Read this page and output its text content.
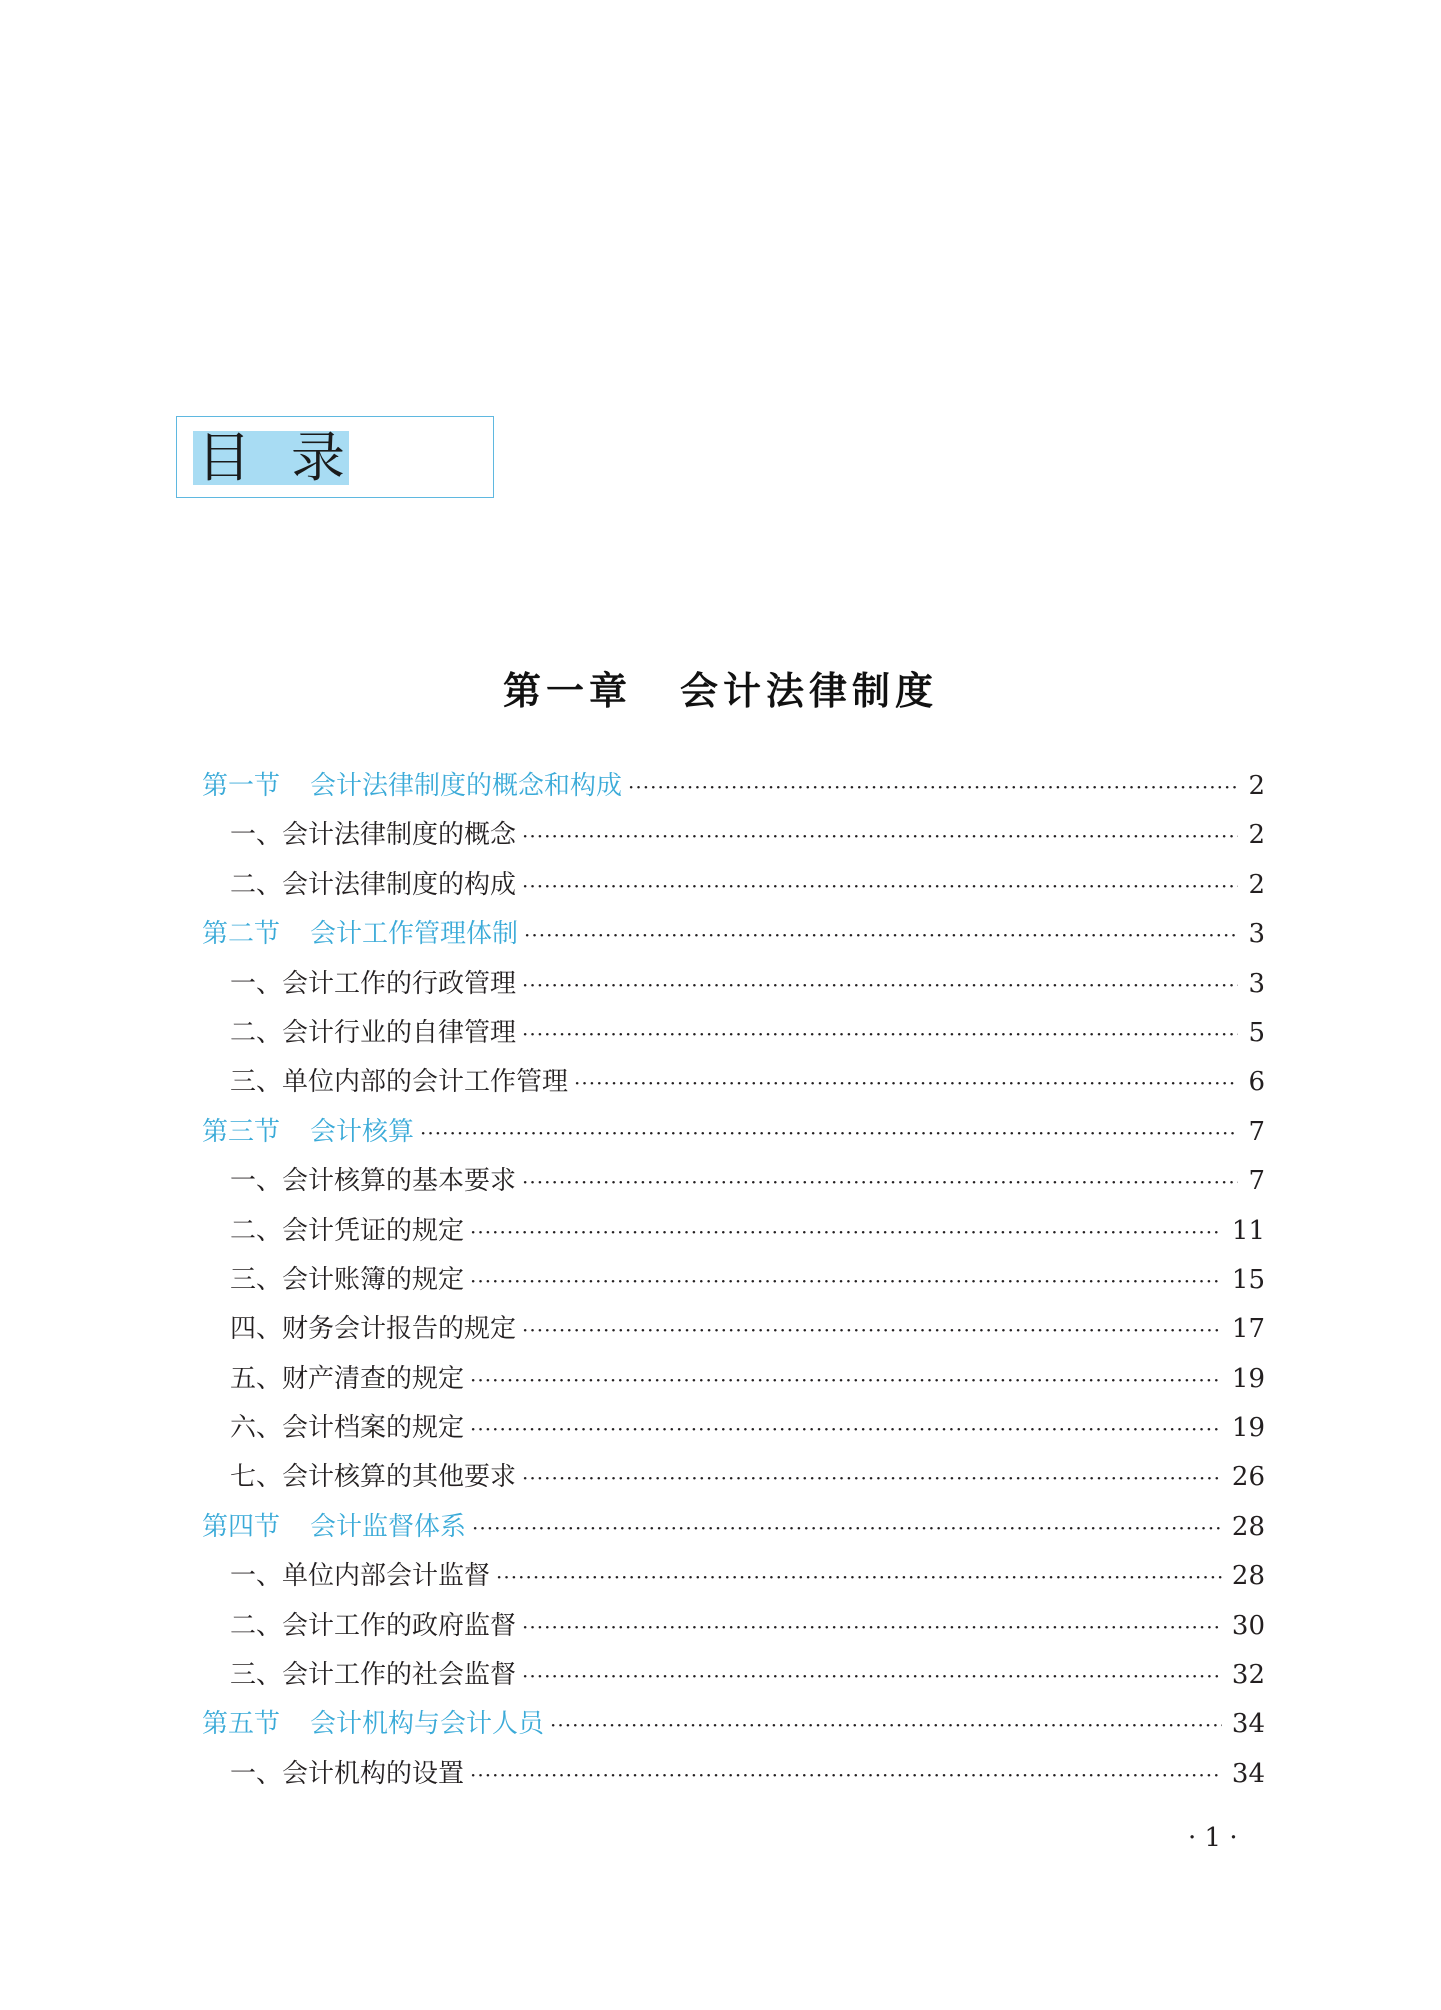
目录
第一章 会计法律制度
第一节 会计法律制度的概念和构成 ·····	2
一、会计法律制度的概念 ·····	2
二、会计法律制度的构成 ·····	2
第二节 会计工作管理体制 ·····	3
一、会计工作的行政管理 ·····	3
二、会计行业的自律管理 ·····	5
三、单位内部的会计工作管理 ·····	6
第三节 会计核算 ·····	7
一、会计核算的基本要求 ·····	7
二、会计凭证的规定 ·····	11
三、会计账簿的规定 ·····	15
四、财务会计报告的规定 ·····	17
五、财产清查的规定 ·····	19
六、会计档案的规定 ·····	19
七、会计核算的其他要求 ·····	26
第四节 会计监督体系 ·····	28
一、单位内部会计监督 ·····	28
二、会计工作的政府监督 ·····	30
三、会计工作的社会监督 ·····	32
第五节 会计机构与会计人员 ·····	34
一、会计机构的设置 ·····	34
· 1 ·
